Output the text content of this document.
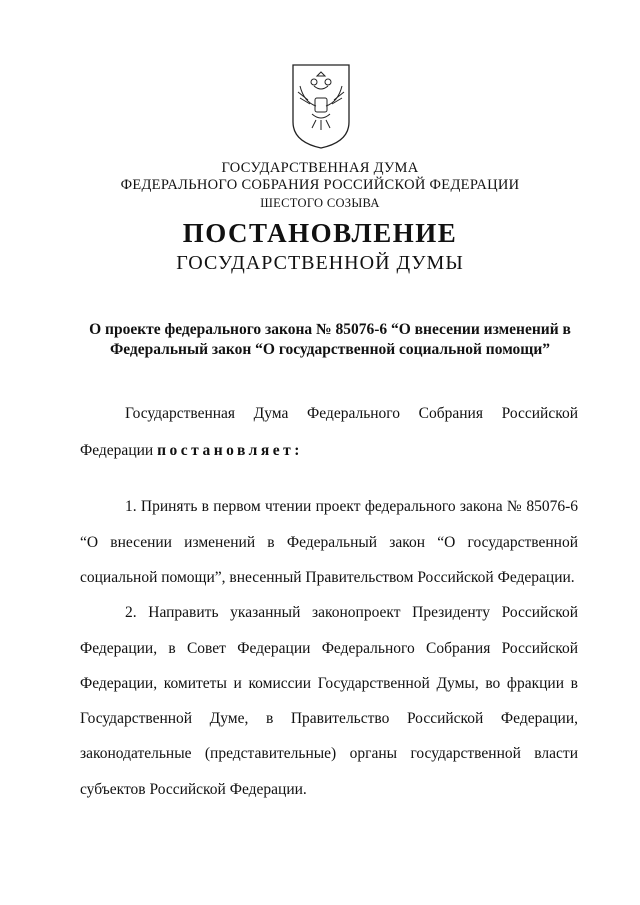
ГОСУДАРСТВЕННАЯ ДУМА
ФЕДЕРАЛЬНОГО СОБРАНИЯ РОССИЙСКОЙ ФЕДЕРАЦИИ
ШЕСТОГО СОЗЫВА
ПОСТАНОВЛЕНИЕ
ГОСУДАРСТВЕННОЙ ДУМЫ
О проекте федерального закона № 85076-6 “О внесении изменений в
Федеральный закон “О государственной социальной помощи”
Государственная Дума Федерального Собрания Российской
Федерации постановляет:
1. Принять в первом чтении проект федерального закона № 85076-6
“О внесении изменений в Федеральный закон “О государственной
социальной помощи”, внесенный Правительством Российской Федерации.
2. Направить указанный законопроект Президенту Российской
Федерации, в Совет Федерации Федерального Собрания Российской
Федерации, комитеты и комиссии Государственной Думы, во фракции в
Государственной Думе, в Правительство Российской Федерации,
законодательные (представительные) органы государственной власти
субъектов Российской Федерации.
